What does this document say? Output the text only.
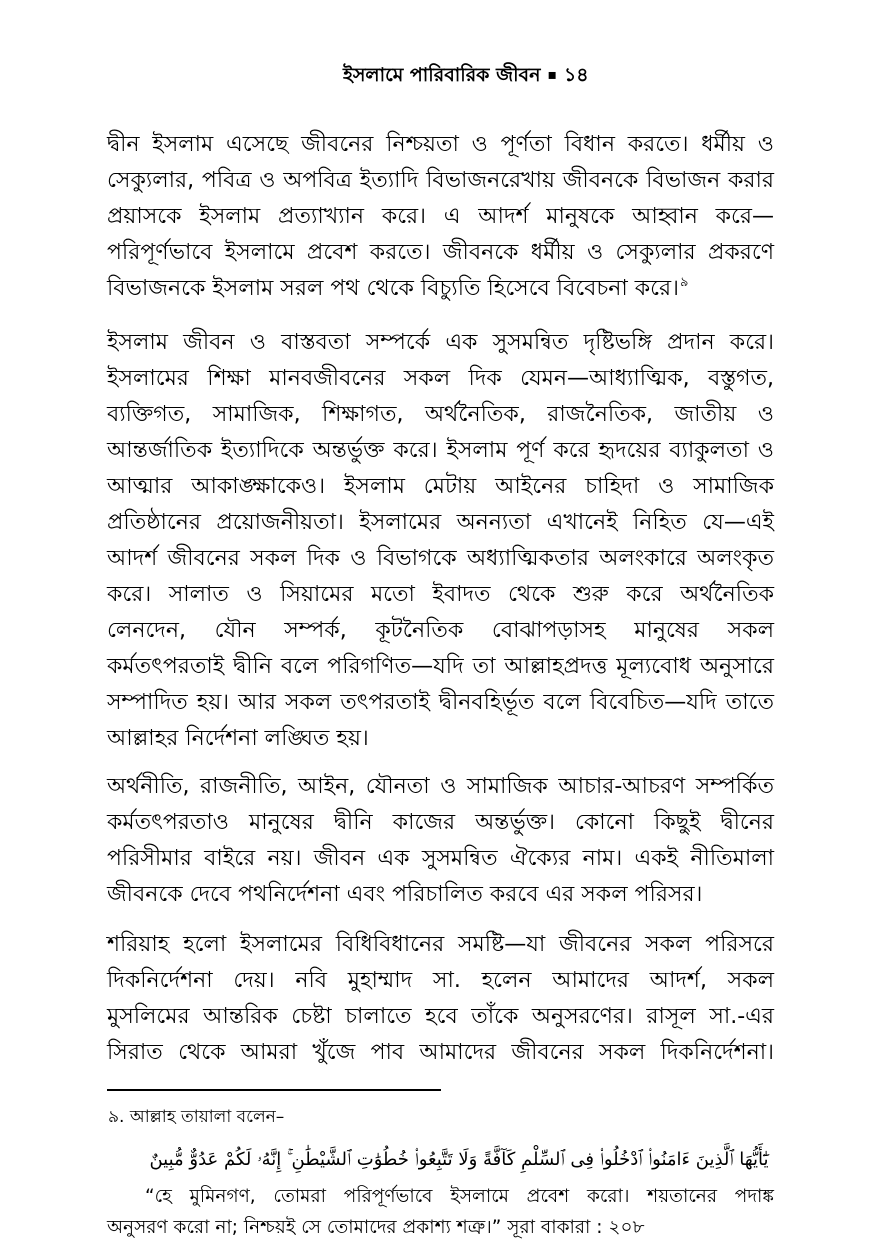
ইসলামে পারিবারিক জীবন ▪ ১৪
দ্বীন ইসলাম এসেছে জীবনের নিশ্চয়তা ও পূর্ণতা বিধান করতে। ধর্মীয় ও
সেক্যুলার, পবিত্র ও অপবিত্র ইত্যাদি বিভাজনরেখায় জীবনকে বিভাজন করার
প্রয়াসকে ইসলাম প্রত্যাখ্যান করে। এ আদর্শ মানুষকে আহ্বান করে—
পরিপূর্ণভাবে ইসলামে প্রবেশ করতে। জীবনকে ধর্মীয় ও সেক্যুলার প্রকরণে
বিভাজনকে ইসলাম সরল পথ থেকে বিচ্যুতি হিসেবে বিবেচনা করে।$^৯$
ইসলাম জীবন ও বাস্তবতা সম্পর্কে এক সুসমন্বিত দৃষ্টিভঙ্গি প্রদান করে।
ইসলামের শিক্ষা মানবজীবনের সকল দিক যেমন—আধ্যাত্মিক, বস্তুগত,
ব্যক্তিগত, সামাজিক, শিক্ষাগত, অর্থনৈতিক, রাজনৈতিক, জাতীয় ও
আন্তর্জাতিক ইত্যাদিকে অন্তর্ভুক্ত করে। ইসলাম পূর্ণ করে হৃদয়ের ব্যাকুলতা ও
আত্মার আকাঙ্ক্ষাকেও। ইসলাম মেটায় আইনের চাহিদা ও সামাজিক
প্রতিষ্ঠানের প্রয়োজনীয়তা। ইসলামের অনন্যতা এখানেই নিহিত যে—এই
আদর্শ জীবনের সকল দিক ও বিভাগকে অধ্যাত্মিকতার অলংকারে অলংকৃত
করে। সালাত ও সিয়ামের মতো ইবাদত থেকে শুরু করে অর্থনৈতিক
লেনদেন, যৌন সম্পর্ক, কূটনৈতিক বোঝাপড়াসহ মানুষের সকল
কর্মতৎপরতাই দ্বীনি বলে পরিগণিত—যদি তা আল্লাহপ্রদত্ত মূল্যবোধ অনুসারে
সম্পাদিত হয়। আর সকল তৎপরতাই দ্বীনবহির্ভূত বলে বিবেচিত—যদি তাতে
আল্লাহর নির্দেশনা লঙ্ঘিত হয়।
অর্থনীতি, রাজনীতি, আইন, যৌনতা ও সামাজিক আচার-আচরণ সম্পর্কিত
কর্মতৎপরতাও মানুষের দ্বীনি কাজের অন্তর্ভুক্ত। কোনো কিছুই দ্বীনের
পরিসীমার বাইরে নয়। জীবন এক সুসমন্বিত ঐক্যের নাম। একই নীতিমালা
জীবনকে দেবে পথনির্দেশনা এবং পরিচালিত করবে এর সকল পরিসর।
শরিয়াহ হলো ইসলামের বিধিবিধানের সমষ্টি—যা জীবনের সকল পরিসরে
দিকনির্দেশনা দেয়। নবি মুহাম্মাদ সা. হলেন আমাদের আদর্শ, সকল
মুসলিমের আন্তরিক চেষ্টা চালাতে হবে তাঁকে অনুসরণের। রাসূল সা.-এর
সিরাত থেকে আমরা খুঁজে পাব আমাদের জীবনের সকল দিকনির্দেশনা।
৯. আল্লাহ তায়ালা বলেন–
يَٰٓأَيُّهَا ٱلَّذِينَ ءَامَنُوا۟ ٱدْخُلُوا۟ فِى ٱلسِّلْمِ كَآفَّةً وَلَا تَتَّبِعُوا۟ خُطُوَٰتِ ٱلشَّيْطَٰنِ ۚ إِنَّهُۥ لَكُمْ عَدُوٌّ مُّبِينٌ
“হে মুমিনগণ, তোমরা পরিপূর্ণভাবে ইসলামে প্রবেশ করো। শয়তানের পদাঙ্ক
অনুসরণ করো না; নিশ্চয়ই সে তোমাদের প্রকাশ্য শত্রু।” সূরা বাকারা : ২০৮
